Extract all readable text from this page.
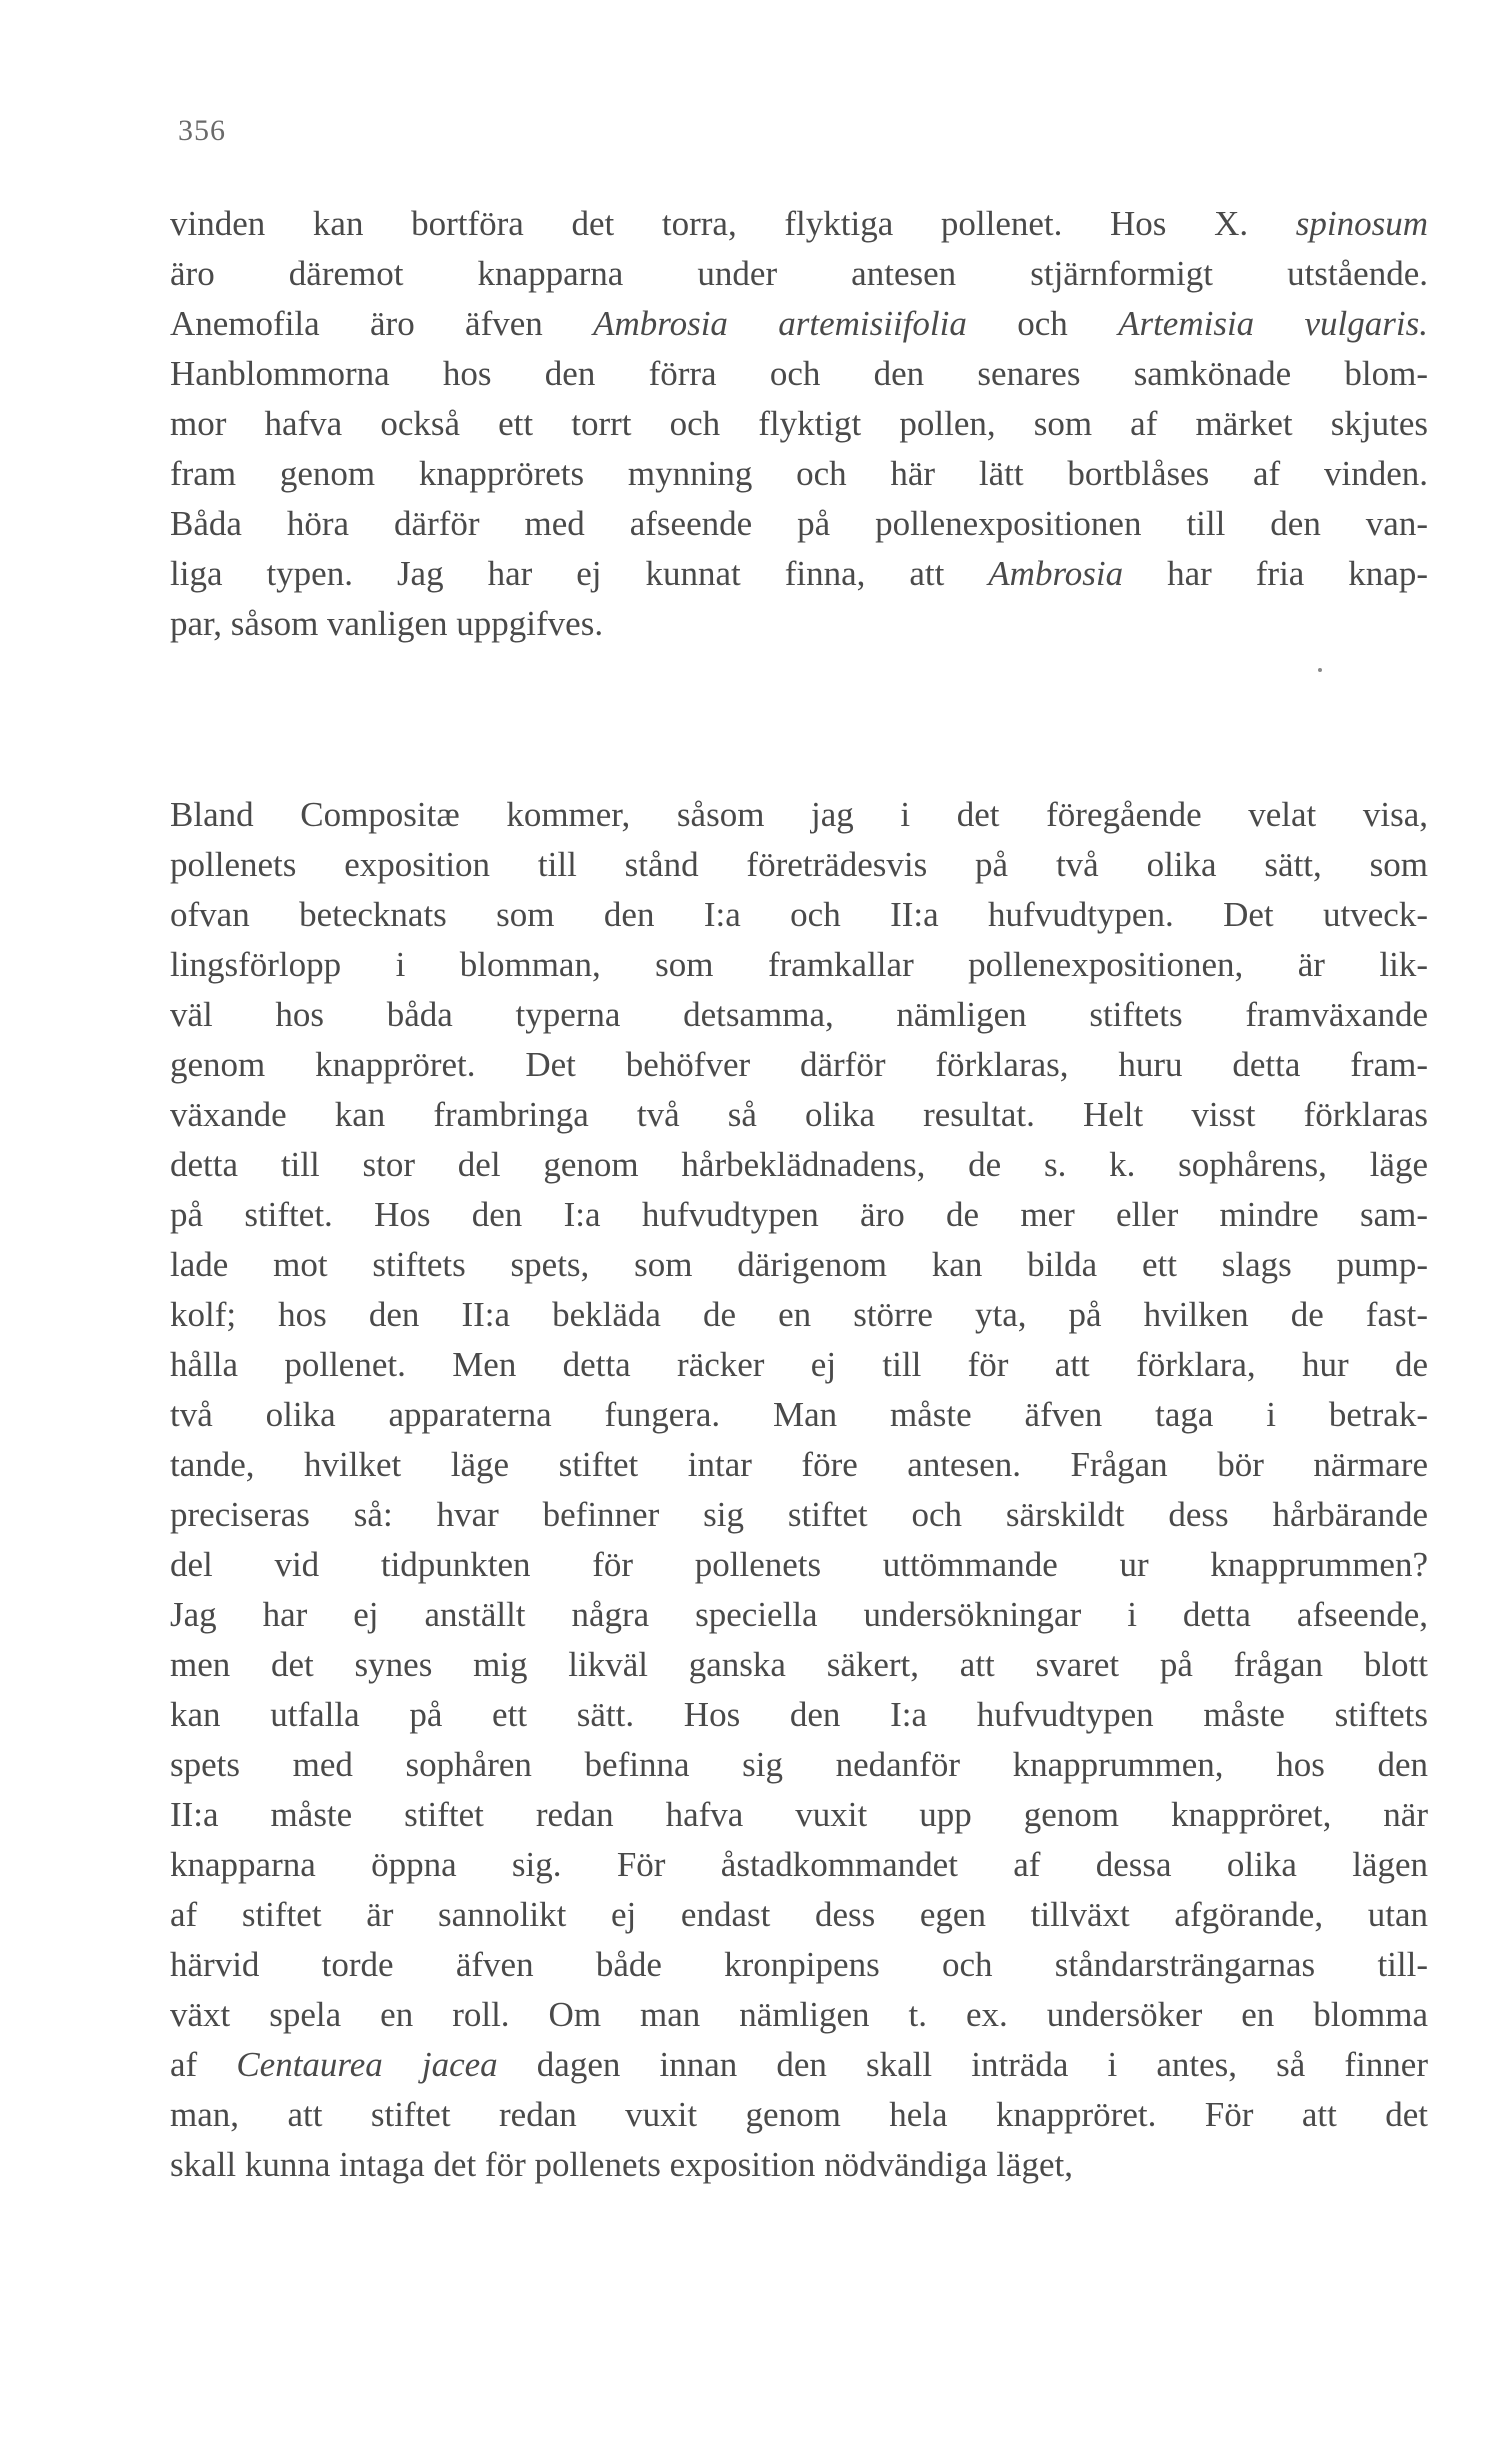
356
vinden kan bortföra det torra, flyktiga pollenet. Hos X. spinosum
äro däremot knapparna under antesen stjärnformigt utstående.
Anemofila äro äfven Ambrosia artemisiifolia och Artemisia vulgaris.
Hanblommorna hos den förra och den senares samkönade blom-
mor hafva också ett torrt och flyktigt pollen, som af märket skjutes
fram genom knapprörets mynning och här lätt bortblåses af vinden.
Båda höra därför med afseende på pollenexpositionen till den van-
liga typen. Jag har ej kunnat finna, att Ambrosia har fria knap-
par, såsom vanligen uppgifves.
Bland Compositæ kommer, såsom jag i det föregående velat visa,
pollenets exposition till stånd företrädesvis på två olika sätt, som
ofvan betecknats som den I:a och II:a hufvudtypen. Det utveck-
lingsförlopp i blomman, som framkallar pollenexpositionen, är lik-
väl hos båda typerna detsamma, nämligen stiftets framväxande
genom knappröret. Det behöfver därför förklaras, huru detta fram-
växande kan frambringa två så olika resultat. Helt visst förklaras
detta till stor del genom hårbeklädnadens, de s. k. sophårens, läge
på stiftet. Hos den I:a hufvudtypen äro de mer eller mindre sam-
lade mot stiftets spets, som därigenom kan bilda ett slags pump-
kolf; hos den II:a bekläda de en större yta, på hvilken de fast-
hålla pollenet. Men detta räcker ej till för att förklara, hur de
två olika apparaterna fungera. Man måste äfven taga i betrak-
tande, hvilket läge stiftet intar före antesen. Frågan bör närmare
preciseras så: hvar befinner sig stiftet och särskildt dess hårbärande
del vid tidpunkten för pollenets uttömmande ur knapprummen?
Jag har ej anställt några speciella undersökningar i detta afseende,
men det synes mig likväl ganska säkert, att svaret på frågan blott
kan utfalla på ett sätt. Hos den I:a hufvudtypen måste stiftets
spets med sophåren befinna sig nedanför knapprummen, hos den
II:a måste stiftet redan hafva vuxit upp genom knappröret, när
knapparna öppna sig. För åstadkommandet af dessa olika lägen
af stiftet är sannolikt ej endast dess egen tillväxt afgörande, utan
härvid torde äfven både kronpipens och ståndarsträngarnas till-
växt spela en roll. Om man nämligen t. ex. undersöker en blomma
af Centaurea jacea dagen innan den skall inträda i antes, så finner
man, att stiftet redan vuxit genom hela knappröret. För att det
skall kunna intaga det för pollenets exposition nödvändiga läget,
